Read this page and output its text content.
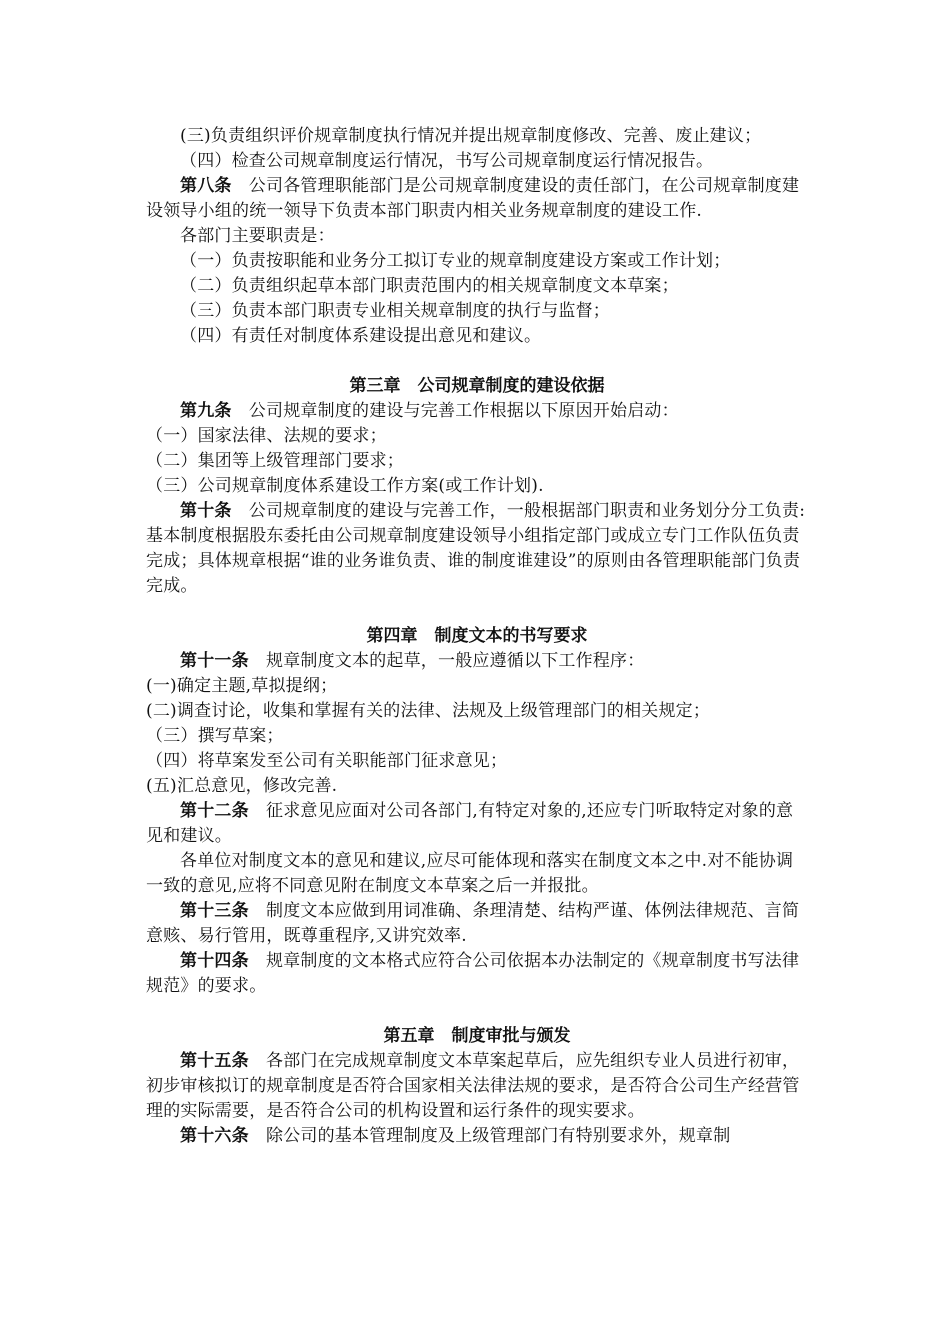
(三)负责组织评价规章制度执行情况并提出规章制度修改、完善、废止建议；

（四）检查公司规章制度运行情况，书写公司规章制度运行情况报告。

第八条　公司各管理职能部门是公司规章制度建设的责任部门，在公司规章制度建设领导小组的统一领导下负责本部门职责内相关业务规章制度的建设工作.

各部门主要职责是：

（一）负责按职能和业务分工拟订专业的规章制度建设方案或工作计划；

（二）负责组织起草本部门职责范围内的相关规章制度文本草案；

（三）负责本部门职责专业相关规章制度的执行与监督；

（四）有责任对制度体系建设提出意见和建议。

第三章　公司规章制度的建设依据

第九条　公司规章制度的建设与完善工作根据以下原因开始启动：

（一）国家法律、法规的要求；

（二）集团等上级管理部门要求；

（三）公司规章制度体系建设工作方案(或工作计划).

第十条　公司规章制度的建设与完善工作，一般根据部门职责和业务划分分工负责:基本制度根据股东委托由公司规章制度建设领导小组指定部门或成立专门工作队伍负责完成；具体规章根据“谁的业务谁负责、谁的制度谁建设”的原则由各管理职能部门负责完成。

第四章　制度文本的书写要求

第十一条　规章制度文本的起草，一般应遵循以下工作程序：

(一)确定主题,草拟提纲；

(二)调查讨论，收集和掌握有关的法律、法规及上级管理部门的相关规定；

（三）撰写草案；

（四）将草案发至公司有关职能部门征求意见；

(五)汇总意见，修改完善.

第十二条　征求意见应面对公司各部门,有特定对象的,还应专门听取特定对象的意见和建议。

各单位对制度文本的意见和建议,应尽可能体现和落实在制度文本之中.对不能协调一致的意见,应将不同意见附在制度文本草案之后一并报批。

第十三条　制度文本应做到用词准确、条理清楚、结构严谨、体例法律规范、言简意赅、易行管用，既尊重程序,又讲究效率.

第十四条　规章制度的文本格式应符合公司依据本办法制定的《规章制度书写法律规范》的要求。

第五章　制度审批与颁发

第十五条　各部门在完成规章制度文本草案起草后，应先组织专业人员进行初审，初步审核拟订的规章制度是否符合国家相关法律法规的要求，是否符合公司生产经营管理的实际需要，是否符合公司的机构设置和运行条件的现实要求。

第十六条　除公司的基本管理制度及上级管理部门有特别要求外，规章制
